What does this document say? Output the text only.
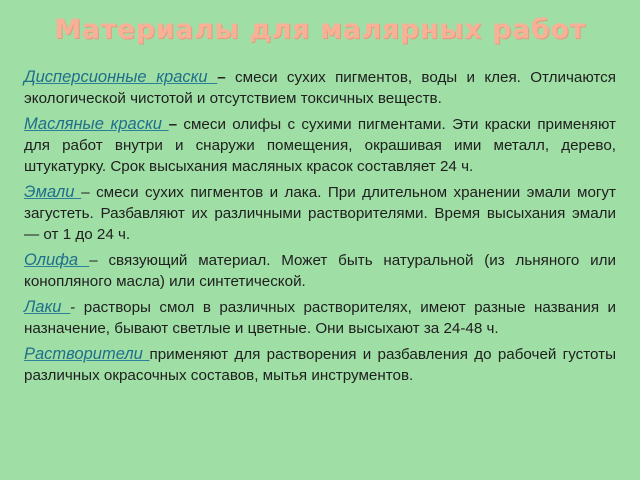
Материалы для малярных работ

Дисперсионные краски – смеси сухих пигментов, воды и клея. Отличаются экологической чистотой и отсутствием токсичных веществ.

Масляные краски – смеси олифы с сухими пигментами. Эти краски применяют для работ внутри и снаружи помещения, окрашивая ими металл, дерево, штукатурку. Срок высыхания масляных красок составляет 24 ч.

Эмали – смеси сухих пигментов и лака. При длительном хранении эмали могут загустеть. Разбавляют их различными растворителями. Время высыхания эмали — от 1 до 24 ч.

Олифа – связующий материал. Может быть натуральной (из льняного или конопляного масла) или синтетической.

Лаки - растворы смол в различных растворителях, имеют разные названия и назначение, бывают светлые и цветные. Они высыхают за 24-48 ч.

Растворители применяют для растворения и разбавления до рабочей густоты различных окрасочных составов, мытья инструментов.
